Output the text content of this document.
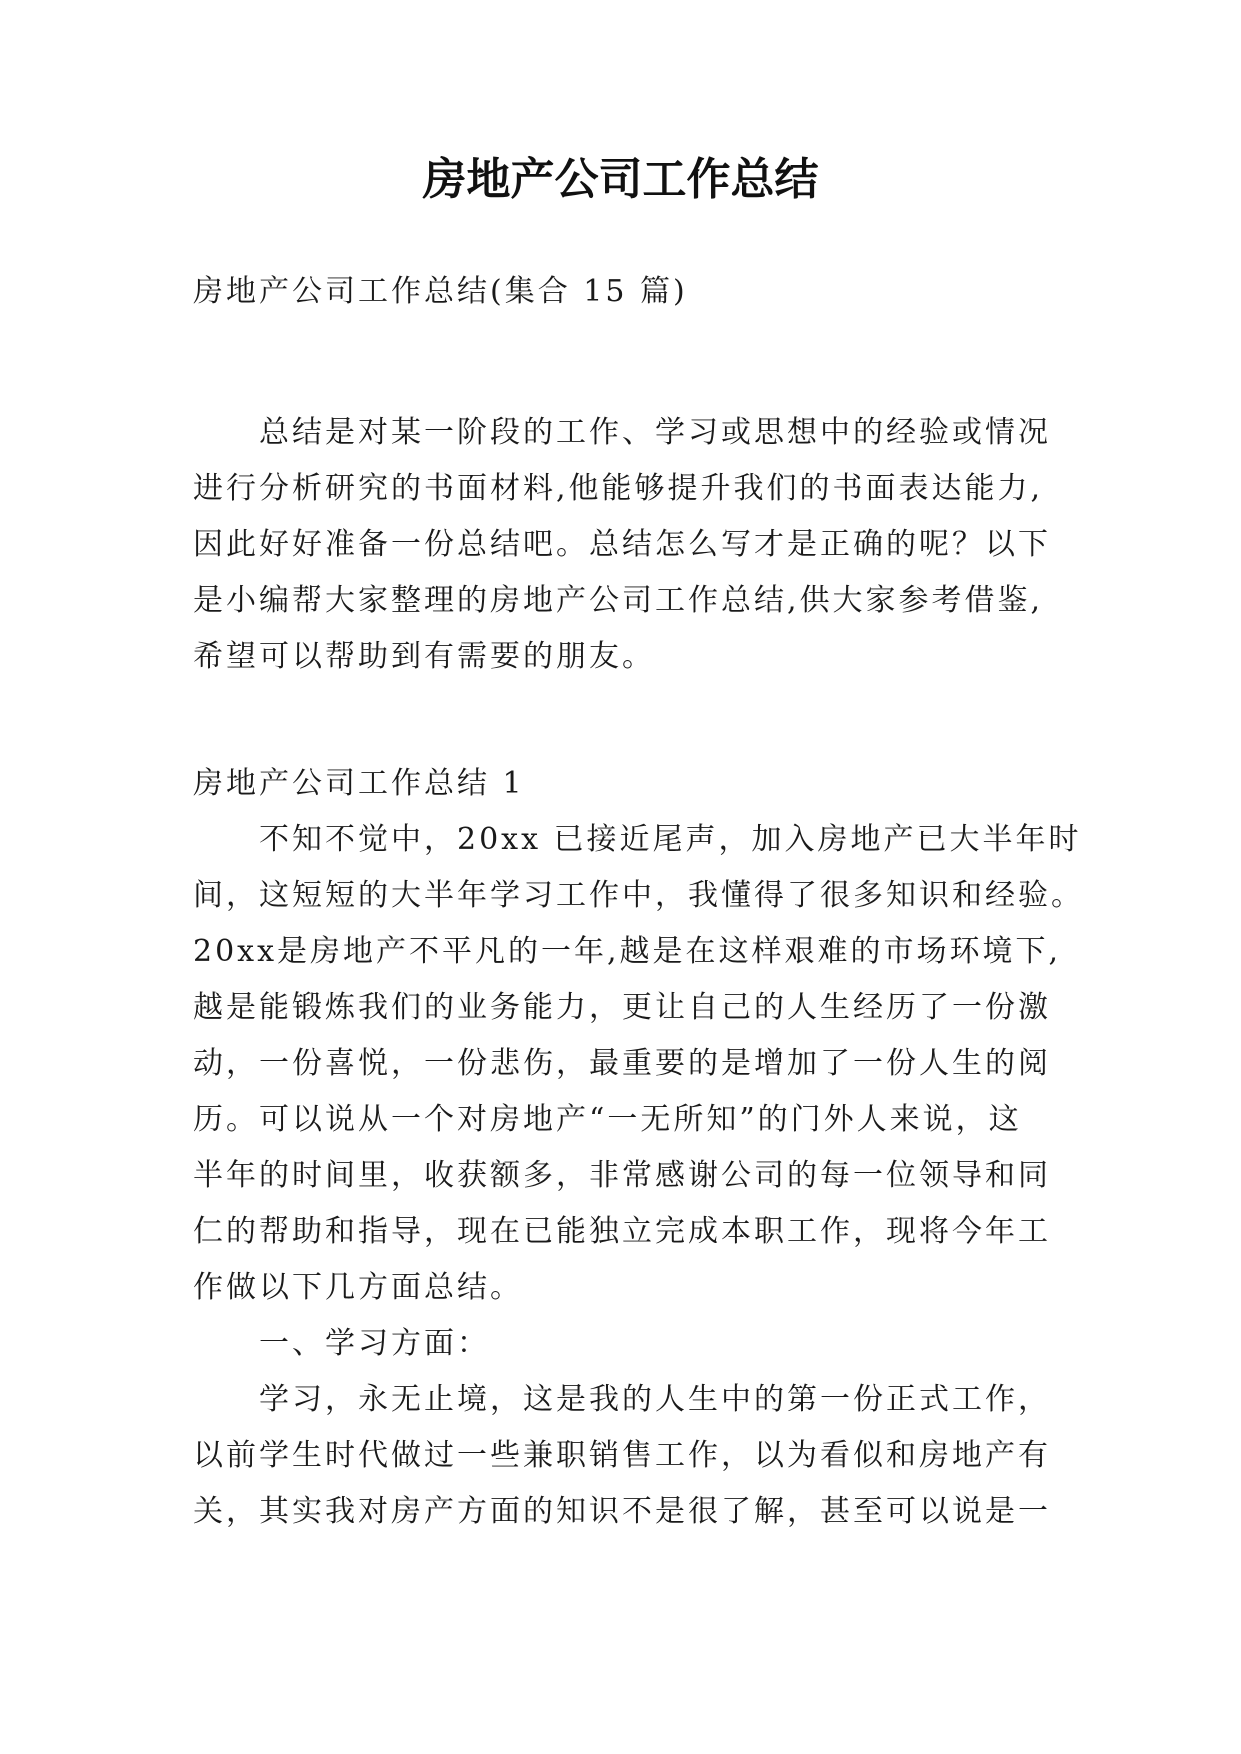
房地产公司工作总结
房地产公司工作总结(集合 15 篇)
总结是对某一阶段的工作、学习或思想中的经验或情况
进行分析研究的书面材料,他能够提升我们的书面表达能力,
因此好好准备一份总结吧。总结怎么写才是正确的呢？以下
是小编帮大家整理的房地产公司工作总结,供大家参考借鉴,
希望可以帮助到有需要的朋友。
房地产公司工作总结 1
不知不觉中，20xx 已接近尾声，加入房地产已大半年时
间，这短短的大半年学习工作中，我懂得了很多知识和经验。
20xx是房地产不平凡的一年,越是在这样艰难的市场环境下,
越是能锻炼我们的业务能力，更让自己的人生经历了一份激
动，一份喜悦，一份悲伤，最重要的是增加了一份人生的阅
历。可以说从一个对房地产“一无所知”的门外人来说，这
半年的时间里，收获额多，非常感谢公司的每一位领导和同
仁的帮助和指导，现在已能独立完成本职工作，现将今年工
作做以下几方面总结。
一、学习方面：
学习，永无止境，这是我的人生中的第一份正式工作，
以前学生时代做过一些兼职销售工作，以为看似和房地产有
关，其实我对房产方面的知识不是很了解，甚至可以说是一
